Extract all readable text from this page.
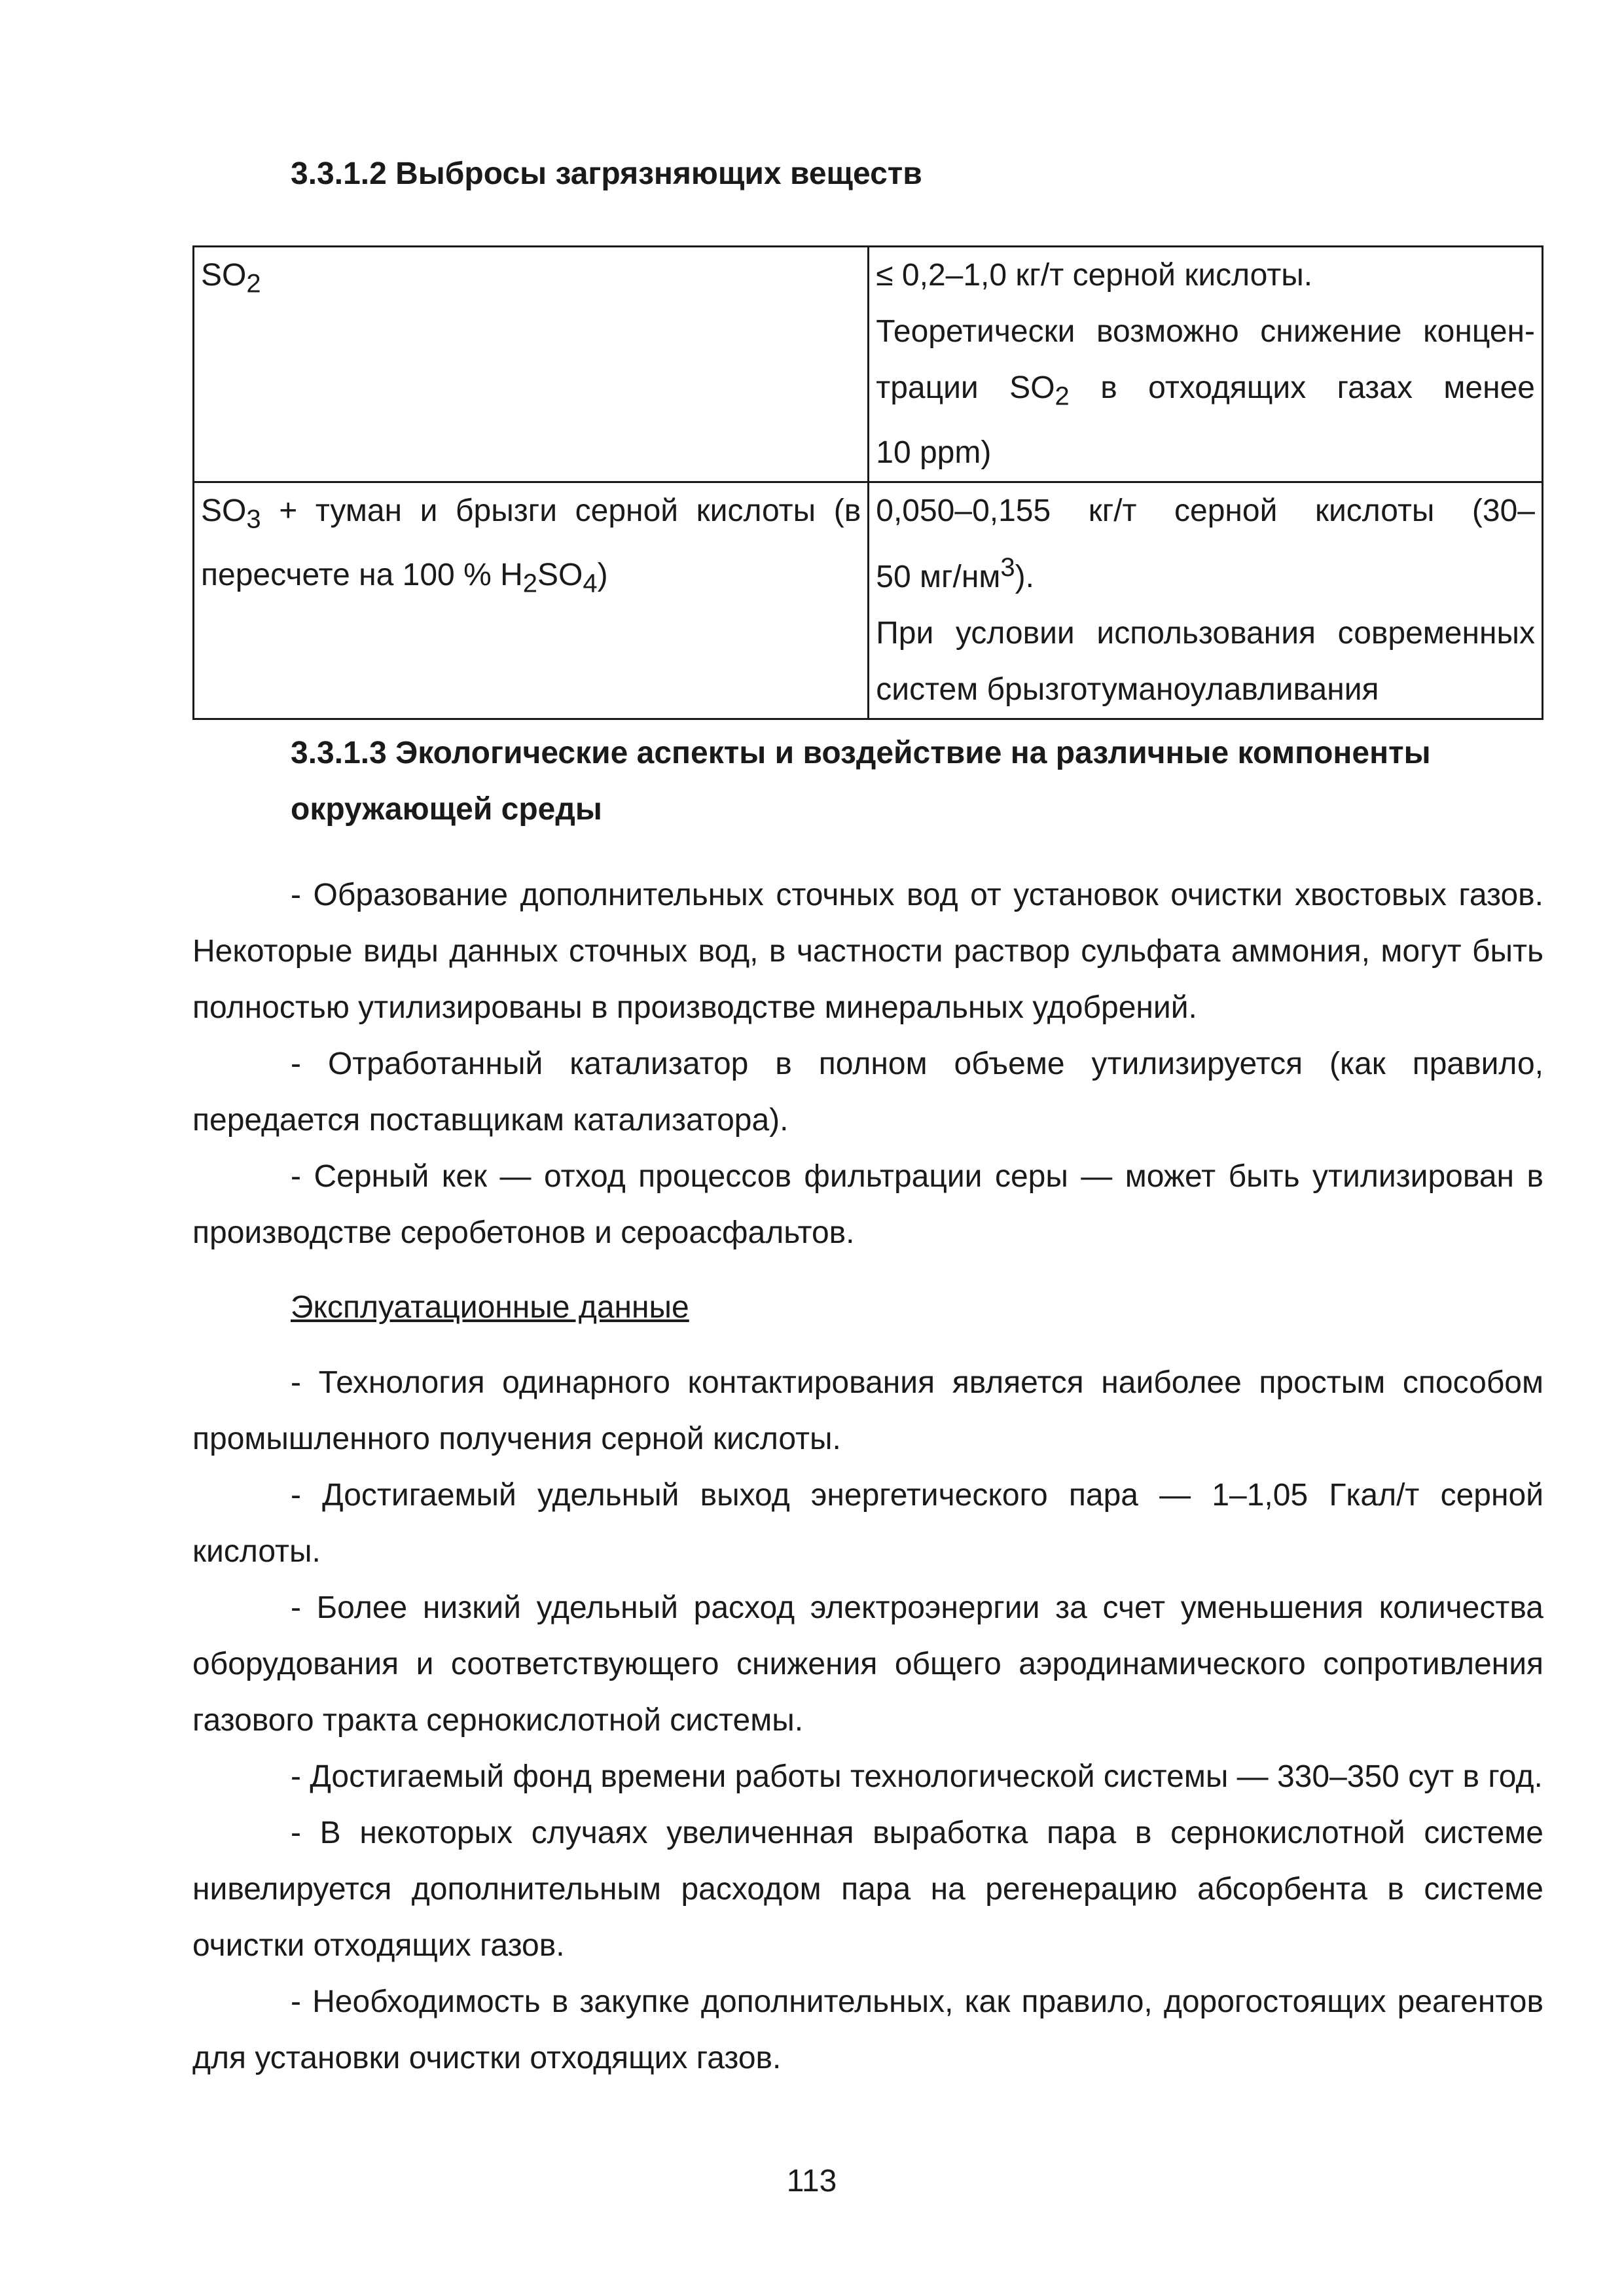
3.3.1.2 Выбросы загрязняющих веществ
$SO_2$	≤ 0,2–1,0 кг/т серной кислоты.
Теоретически возможно снижение концен-
трации $SO_2$ в отходящих газах менее
10 ppm)

$SO_3$ + туман и брызги серной кислоты (в пересчете на 100 % $H_2SO_4$)	0,050–0,155 кг/т серной кислоты (30–
50 $мг/нм^3$).
При условии использования современных систем брызготуманоулавливания
3.3.1.3 Экологические аспекты и воздействие на различные компоненты окружающей среды
- Образование дополнительных сточных вод от установок очистки хвостовых газов. Некоторые виды данных сточных вод, в частности раствор сульфата аммония, могут быть полностью утилизированы в производстве минеральных удобрений.
- Отработанный катализатор в полном объеме утилизируется (как правило, передается поставщикам катализатора).
- Серный кек — отход процессов фильтрации серы — может быть утилизирован в производстве серобетонов и сероасфальтов.
Эксплуатационные данные
- Технология одинарного контактирования является наиболее простым способом промышленного получения серной кислоты.
- Достигаемый удельный выход энергетического пара — 1–1,05 Гкал/т серной кислоты.
- Более низкий удельный расход электроэнергии за счет уменьшения количества оборудования и соответствующего снижения общего аэродинамического сопротивления газового тракта сернокислотной системы.
- Достигаемый фонд времени работы технологической системы — 330–350 сут в год.
- В некоторых случаях увеличенная выработка пара в сернокислотной системе нивелируется дополнительным расходом пара на регенерацию абсорбента в системе очистки отходящих газов.
- Необходимость в закупке дополнительных, как правило, дорогостоящих реагентов для установки очистки отходящих газов.
113
